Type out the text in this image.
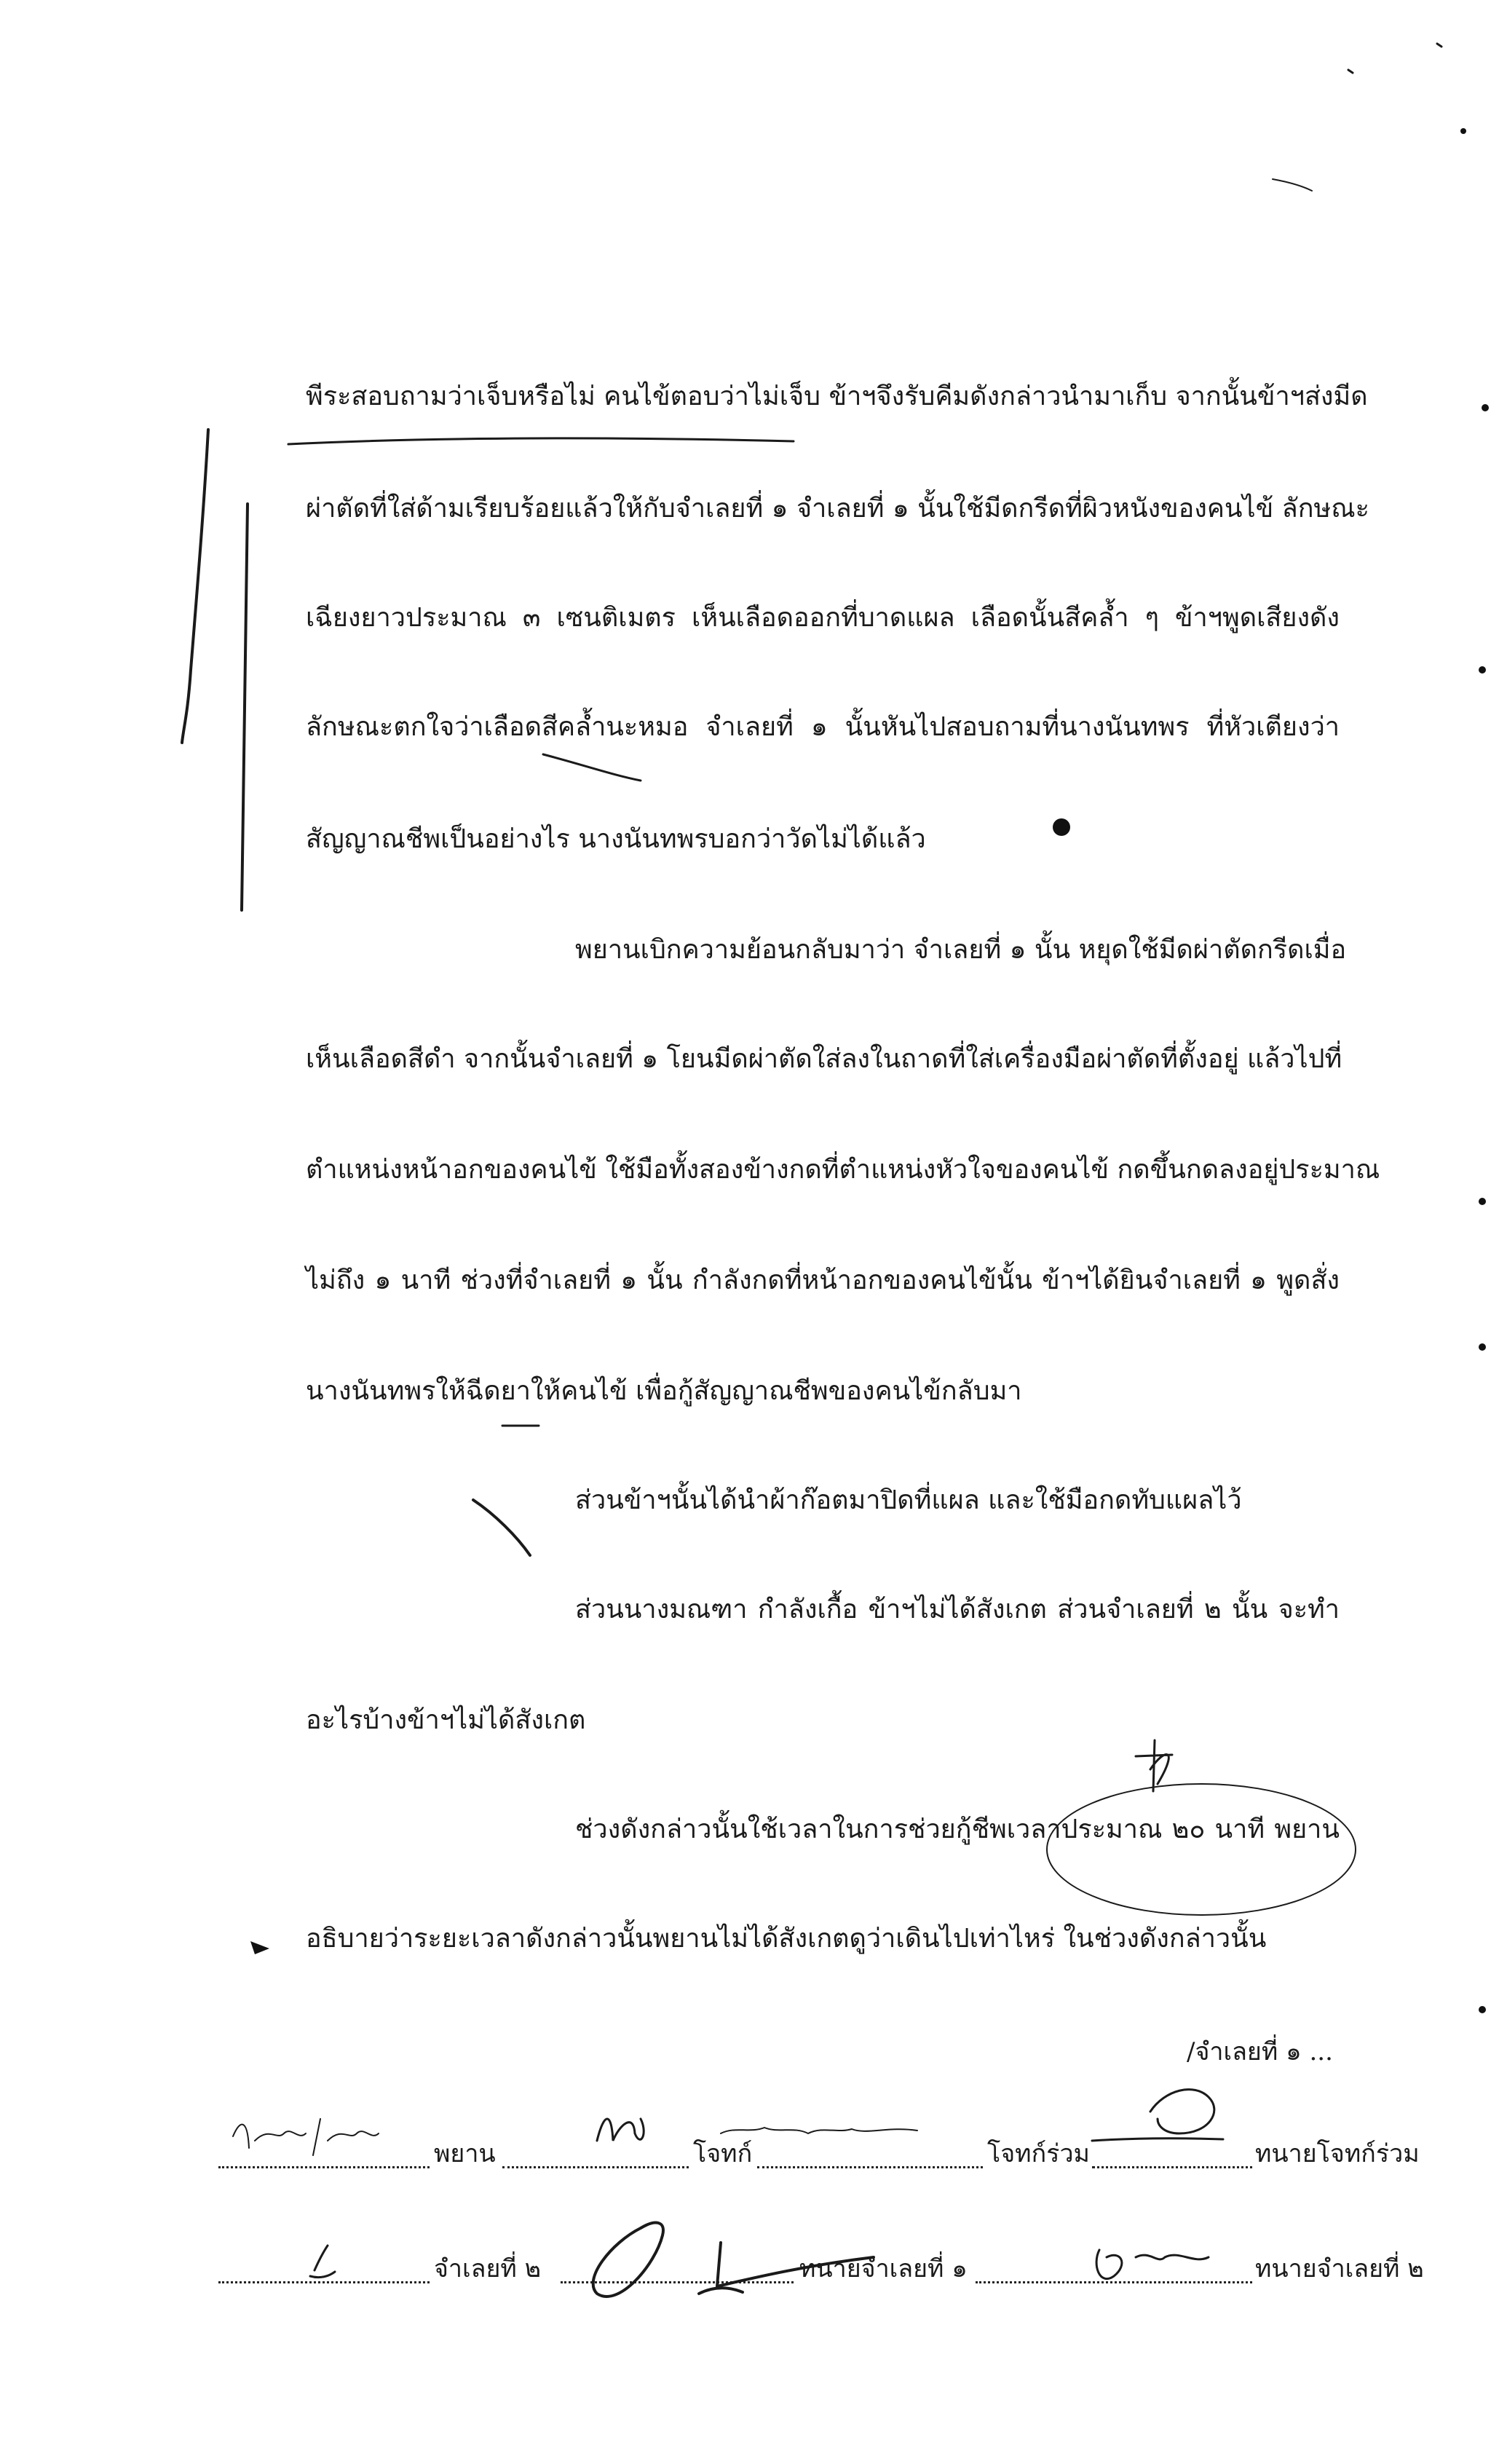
พีระสอบถามว่าเจ็บหรือไม่ คนไข้ตอบว่าไม่เจ็บ ข้าฯจึงรับคีมดังกล่าวนำมาเก็บ จากนั้นข้าฯส่งมีด
ผ่าตัดที่ใส่ด้ามเรียบร้อยแล้วให้กับจำเลยที่ ๑ จำเลยที่ ๑ นั้นใช้มีดกรีดที่ผิวหนังของคนไข้ ลักษณะ
เฉียงยาวประมาณ ๓ เซนติเมตร เห็นเลือดออกที่บาดแผล เลือดนั้นสีคล้ำ ๆ ข้าฯพูดเสียงดัง
ลักษณะตกใจว่าเลือดสีคล้ำนะหมอ จำเลยที่ ๑ นั้นหันไปสอบถามที่นางนันทพร ที่หัวเตียงว่า
สัญญาณชีพเป็นอย่างไร นางนันทพรบอกว่าวัดไม่ได้แล้ว
พยานเบิกความย้อนกลับมาว่า จำเลยที่ ๑ นั้น หยุดใช้มีดผ่าตัดกรีดเมื่อ
เห็นเลือดสีดำ จากนั้นจำเลยที่ ๑ โยนมีดผ่าตัดใส่ลงในถาดที่ใส่เครื่องมือผ่าตัดที่ตั้งอยู่ แล้วไปที่
ตำแหน่งหน้าอกของคนไข้ ใช้มือทั้งสองข้างกดที่ตำแหน่งหัวใจของคนไข้ กดขึ้นกดลงอยู่ประมาณ
ไม่ถึง ๑ นาที ช่วงที่จำเลยที่ ๑ นั้น กำลังกดที่หน้าอกของคนไข้นั้น ข้าฯได้ยินจำเลยที่ ๑ พูดสั่ง
นางนันทพรให้ฉีดยาให้คนไข้ เพื่อกู้สัญญาณชีพของคนไข้กลับมา
ส่วนข้าฯนั้นได้นำผ้าก๊อตมาปิดที่แผล และใช้มือกดทับแผลไว้
ส่วนนางมณฑา กำลังเกื้อ ข้าฯไม่ได้สังเกต ส่วนจำเลยที่ ๒ นั้น จะทำ
อะไรบ้างข้าฯไม่ได้สังเกต
ช่วงดังกล่าวนั้นใช้เวลาในการช่วยกู้ชีพเวลาประมาณ ๒๐ นาที พยาน
อธิบายว่าระยะเวลาดังกล่าวนั้นพยานไม่ได้สังเกตดูว่าเดินไปเท่าไหร่ ในช่วงดังกล่าวนั้น
/จำเลยที่ ๑ ...
พยาน	โจทก์	โจทก์ร่วม	ทนายโจทก์ร่วม
จำเลยที่ ๒	ทนายจำเลยที่ ๑	ทนายจำเลยที่ ๒
